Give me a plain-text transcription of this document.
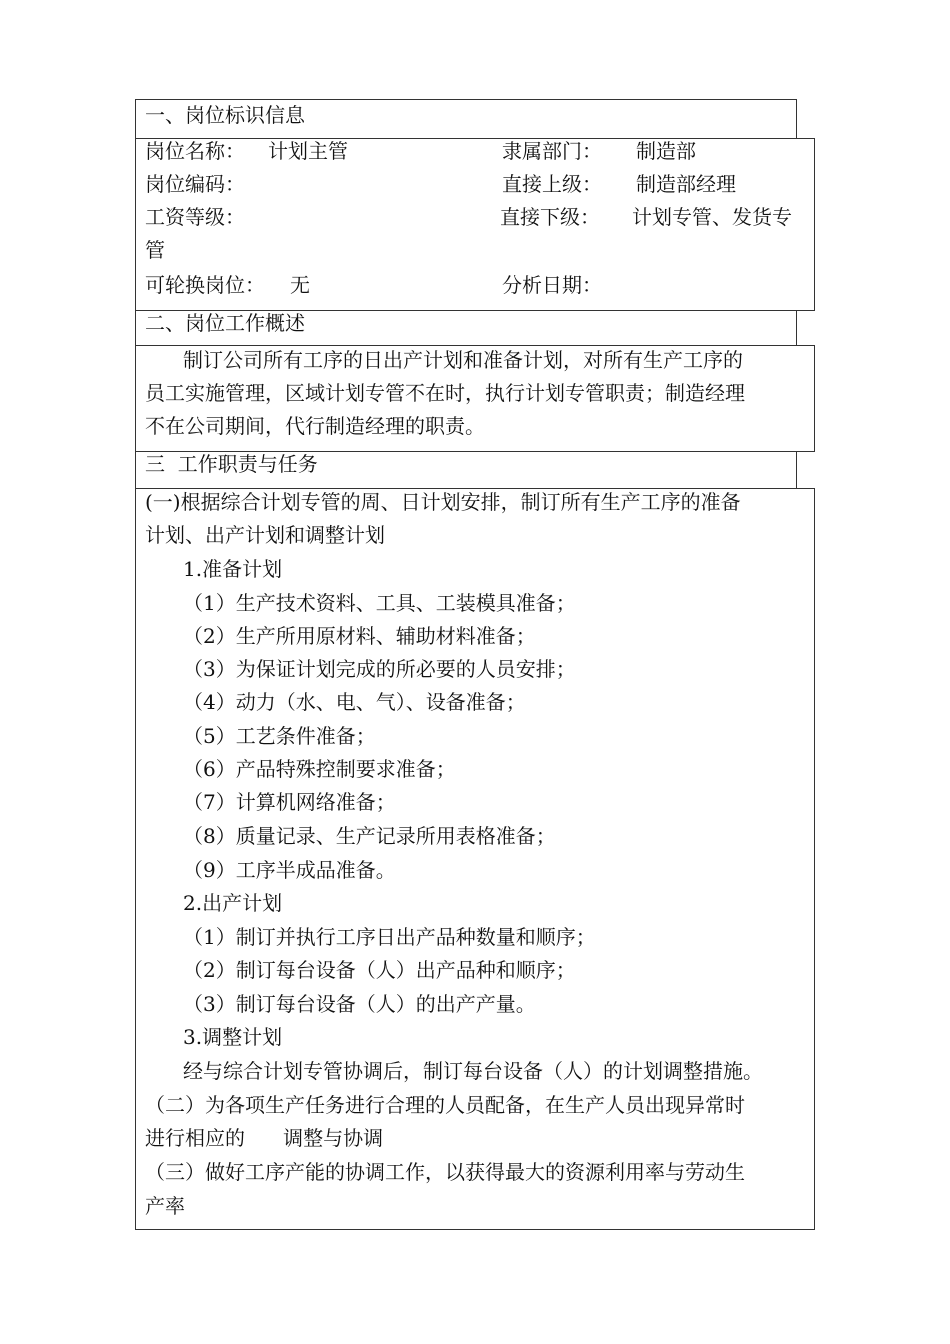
一、岗位标识信息
岗位名称： 计划主管	隶属部门： 制造部
岗位编码：	直接上级： 制造部经理
工资等级：	直接下级： 计划专管、发货专
管
可轮换岗位： 无	分析日期：
二、岗位工作概述
制订公司所有工序的日出产计划和准备计划，对所有生产工序的
员工实施管理，区域计划专管不在时，执行计划专管职责；制造经理
不在公司期间，代行制造经理的职责。
三  工作职责与任务
(一)根据综合计划专管的周、日计划安排，制订所有生产工序的准备
计划、出产计划和调整计划
1.准备计划
（1）生产技术资料、工具、工装模具准备；
（2）生产所用原材料、辅助材料准备；
（3）为保证计划完成的所必要的人员安排；
（4）动力（水、电、气）、设备准备；
（5）工艺条件准备；
（6）产品特殊控制要求准备；
（7）计算机网络准备；
（8）质量记录、生产记录所用表格准备；
（9）工序半成品准备。
2.出产计划
（1）制订并执行工序日出产品种数量和顺序；
（2）制订每台设备（人）出产品种和顺序；
（3）制订每台设备（人）的出产产量。
3.调整计划
经与综合计划专管协调后，制订每台设备（人）的计划调整措施。
（二）为各项生产任务进行合理的人员配备，在生产人员出现异常时
进行相应的      调整与协调
（三）做好工序产能的协调工作，以获得最大的资源利用率与劳动生
产率
